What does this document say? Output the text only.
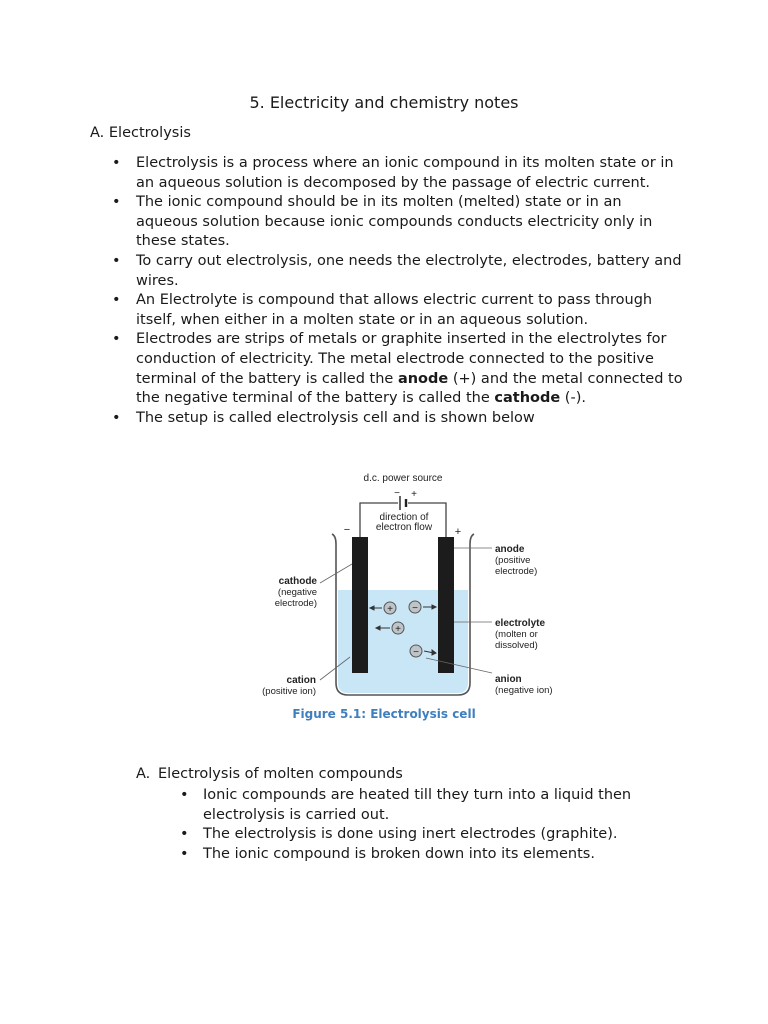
5. Electricity and chemistry notes
A. Electrolysis
• Electrolysis is a process where an ionic compound in its molten state or in an aqueous solution is decomposed by the passage of electric current.
• The ionic compound should be in its molten (melted) state or in an aqueous solution because ionic compounds conducts electricity only in these states.
• To carry out electrolysis, one needs the electrolyte, electrodes, battery and wires.
• An Electrolyte is compound that allows electric current to pass through itself, when either in a molten state or in an aqueous solution.
• Electrodes are strips of metals or graphite inserted in the electrolytes for conduction of electricity. The metal electrode connected to the positive terminal of the battery is called the anode (+) and the metal connected to the negative terminal of the battery is called the cathode (-).
• The setup is called electrolysis cell and is shown below
+ −
+
−
d.c. power source
− +
direction of
electron flow
−	+
cathode
(negative
electrode)
anode
(positive
electrode)
electrolyte
(molten or
dissolved)
cation
(positive ion)
anion
(negative ion)
Figure 5.1: Electrolysis cell
A. Electrolysis of molten compounds
• Ionic compounds are heated till they turn into a liquid then electrolysis is carried out.
• The electrolysis is done using inert electrodes (graphite).
• The ionic compound is broken down into its elements.
